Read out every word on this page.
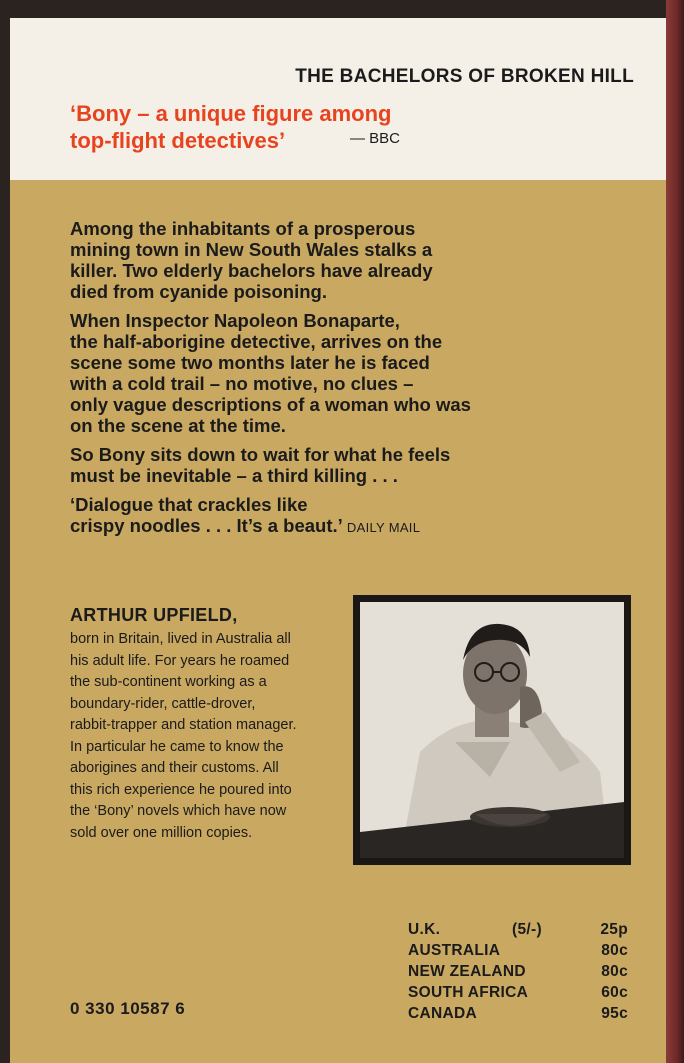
THE BACHELORS OF BROKEN HILL
‘Bony – a unique figure among
top-flight detectives’	— BBC

Among the inhabitants of a prosperous
mining town in New South Wales stalks a
killer. Two elderly bachelors have already
died from cyanide poisoning.

When Inspector Napoleon Bonaparte,
the half-aborigine detective, arrives on the
scene some two months later he is faced
with a cold trail – no motive, no clues –
only vague descriptions of a woman who was
on the scene at the time.

So Bony sits down to wait for what he feels
must be inevitable – a third killing . . .

‘Dialogue that crackles like
crispy noodles . . . It’s a beaut.’ DAILY MAIL

ARTHUR UPFIELD,
born in Britain, lived in Australia all
his adult life. For years he roamed
the sub-continent working as a
boundary-rider, cattle-drover,
rabbit-trapper and station manager.
In particular he came to know the
aborigines and their customs. All
this rich experience he poured into
the ‘Bony’ novels which have now
sold over one million copies.
U.K.	(5/-)	25p
AUSTRALIA	80c
NEW ZEALAND	80c
SOUTH AFRICA	60c
CANADA	95c
0 330 10587 6
